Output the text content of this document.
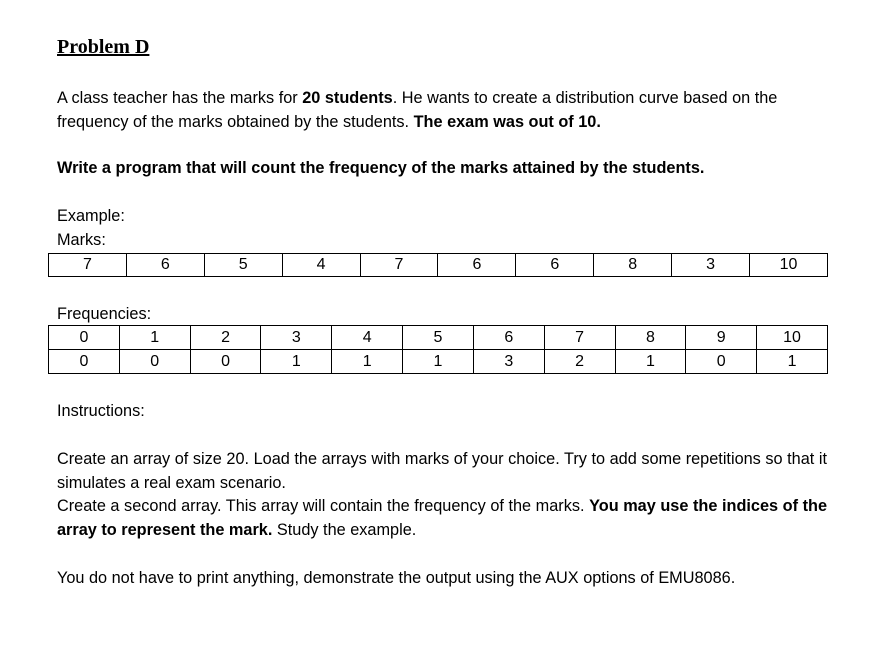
Problem D
A class teacher has the marks for 20 students. He wants to create a distribution curve based on the frequency of the marks obtained by the students. The exam was out of 10.
Write a program that will count the frequency of the marks attained by the students.
Example:
Marks:
7	6	5	4	7	6	6	8	3	10
Frequencies:
0	1	2	3	4	5	6	7	8	9	10
0	0	0	1	1	1	3	2	1	0	1
Instructions:
Create an array of size 20. Load the arrays with marks of your choice. Try to add some repetitions so that it simulates a real exam scenario.
Create a second array. This array will contain the frequency of the marks. You may use the indices of the array to represent the mark. Study the example.
You do not have to print anything, demonstrate the output using the AUX options of EMU8086.
